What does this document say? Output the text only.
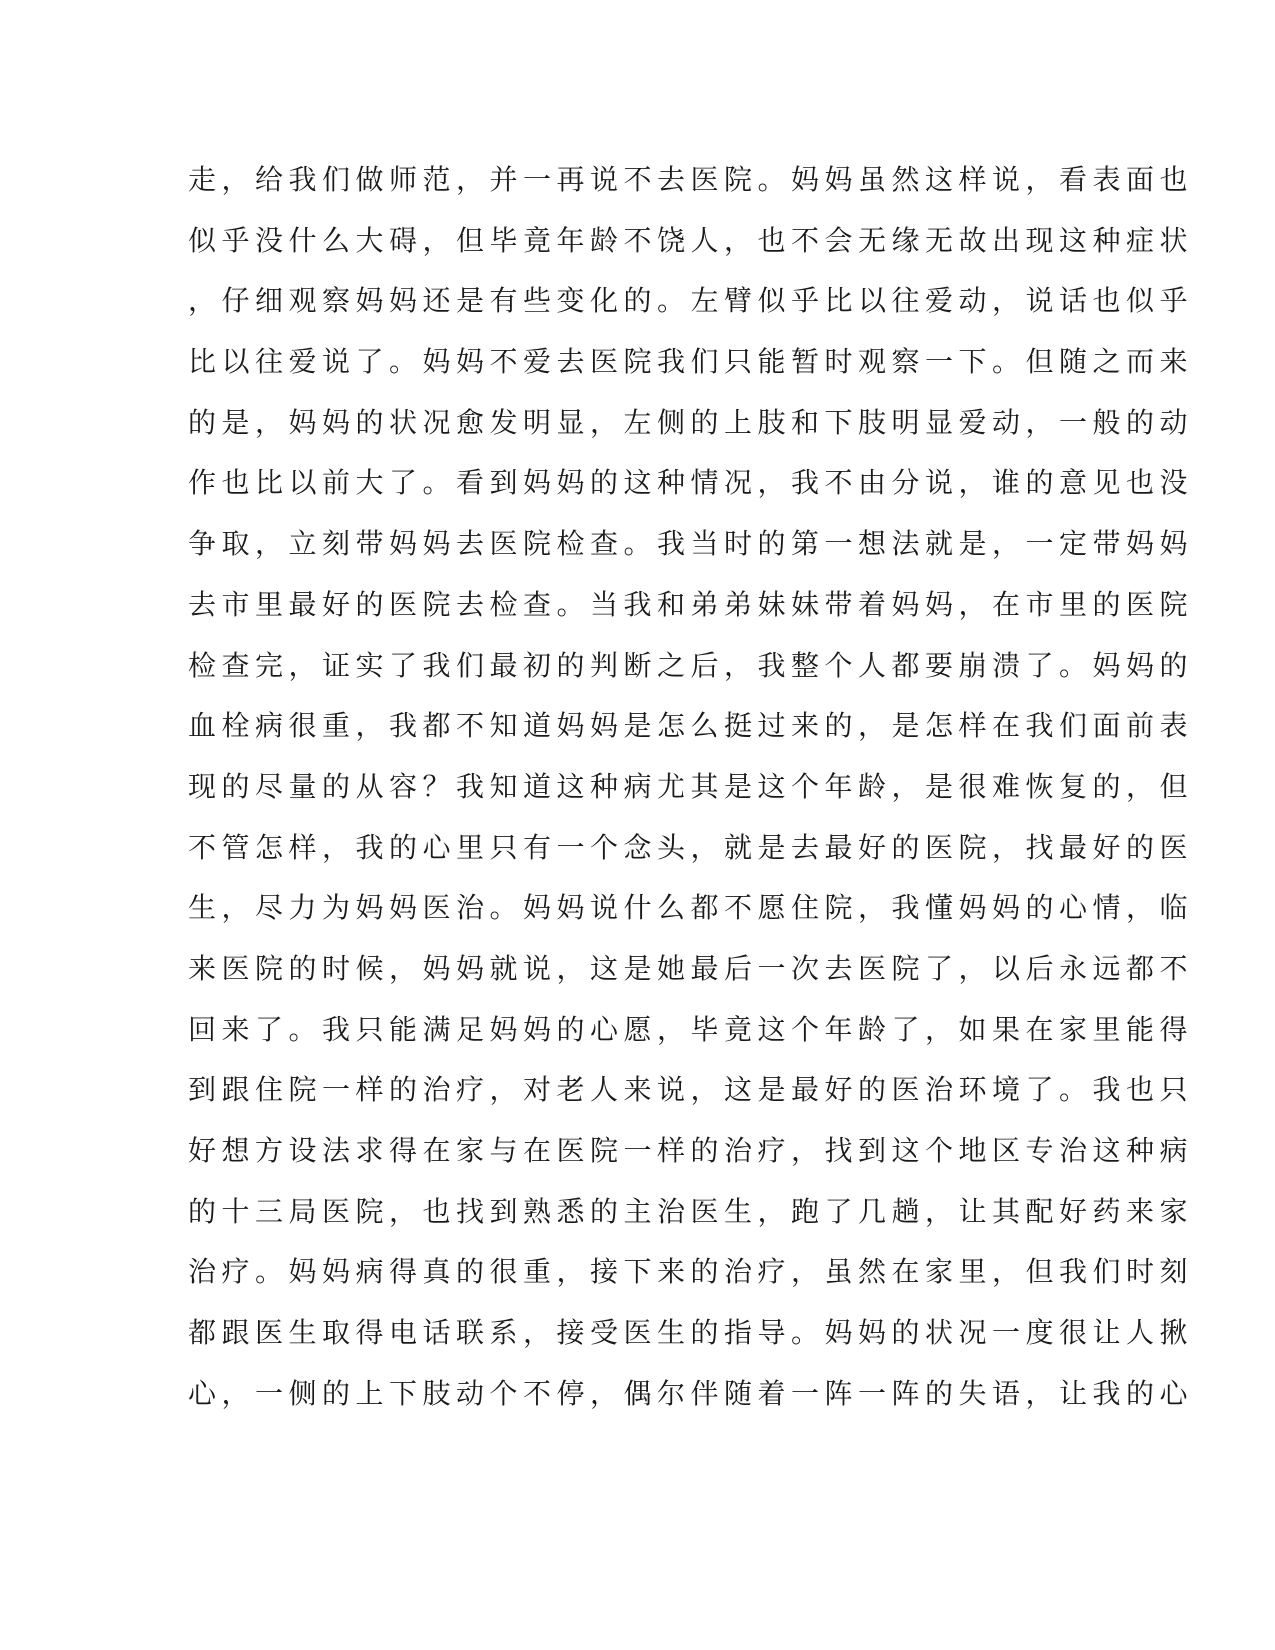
走，给我们做师范，并一再说不去医院。妈妈虽然这样说，看表面也
似乎没什么大碍，但毕竟年龄不饶人，也不会无缘无故出现这种症状
，仔细观察妈妈还是有些变化的。左臂似乎比以往爱动，说话也似乎
比以往爱说了。妈妈不爱去医院我们只能暂时观察一下。但随之而来
的是，妈妈的状况愈发明显，左侧的上肢和下肢明显爱动，一般的动
作也比以前大了。看到妈妈的这种情况，我不由分说，谁的意见也没
争取，立刻带妈妈去医院检查。我当时的第一想法就是，一定带妈妈
去市里最好的医院去检查。当我和弟弟妹妹带着妈妈，在市里的医院
检查完，证实了我们最初的判断之后，我整个人都要崩溃了。妈妈的
血栓病很重，我都不知道妈妈是怎么挺过来的，是怎样在我们面前表
现的尽量的从容？我知道这种病尤其是这个年龄，是很难恢复的，但
不管怎样，我的心里只有一个念头，就是去最好的医院，找最好的医
生，尽力为妈妈医治。妈妈说什么都不愿住院，我懂妈妈的心情，临
来医院的时候，妈妈就说，这是她最后一次去医院了，以后永远都不
回来了。我只能满足妈妈的心愿，毕竟这个年龄了，如果在家里能得
到跟住院一样的治疗，对老人来说，这是最好的医治环境了。我也只
好想方设法求得在家与在医院一样的治疗，找到这个地区专治这种病
的十三局医院，也找到熟悉的主治医生，跑了几趟，让其配好药来家
治疗。妈妈病得真的很重，接下来的治疗，虽然在家里，但我们时刻
都跟医生取得电话联系，接受医生的指导。妈妈的状况一度很让人揪
心，一侧的上下肢动个不停，偶尔伴随着一阵一阵的失语，让我的心
